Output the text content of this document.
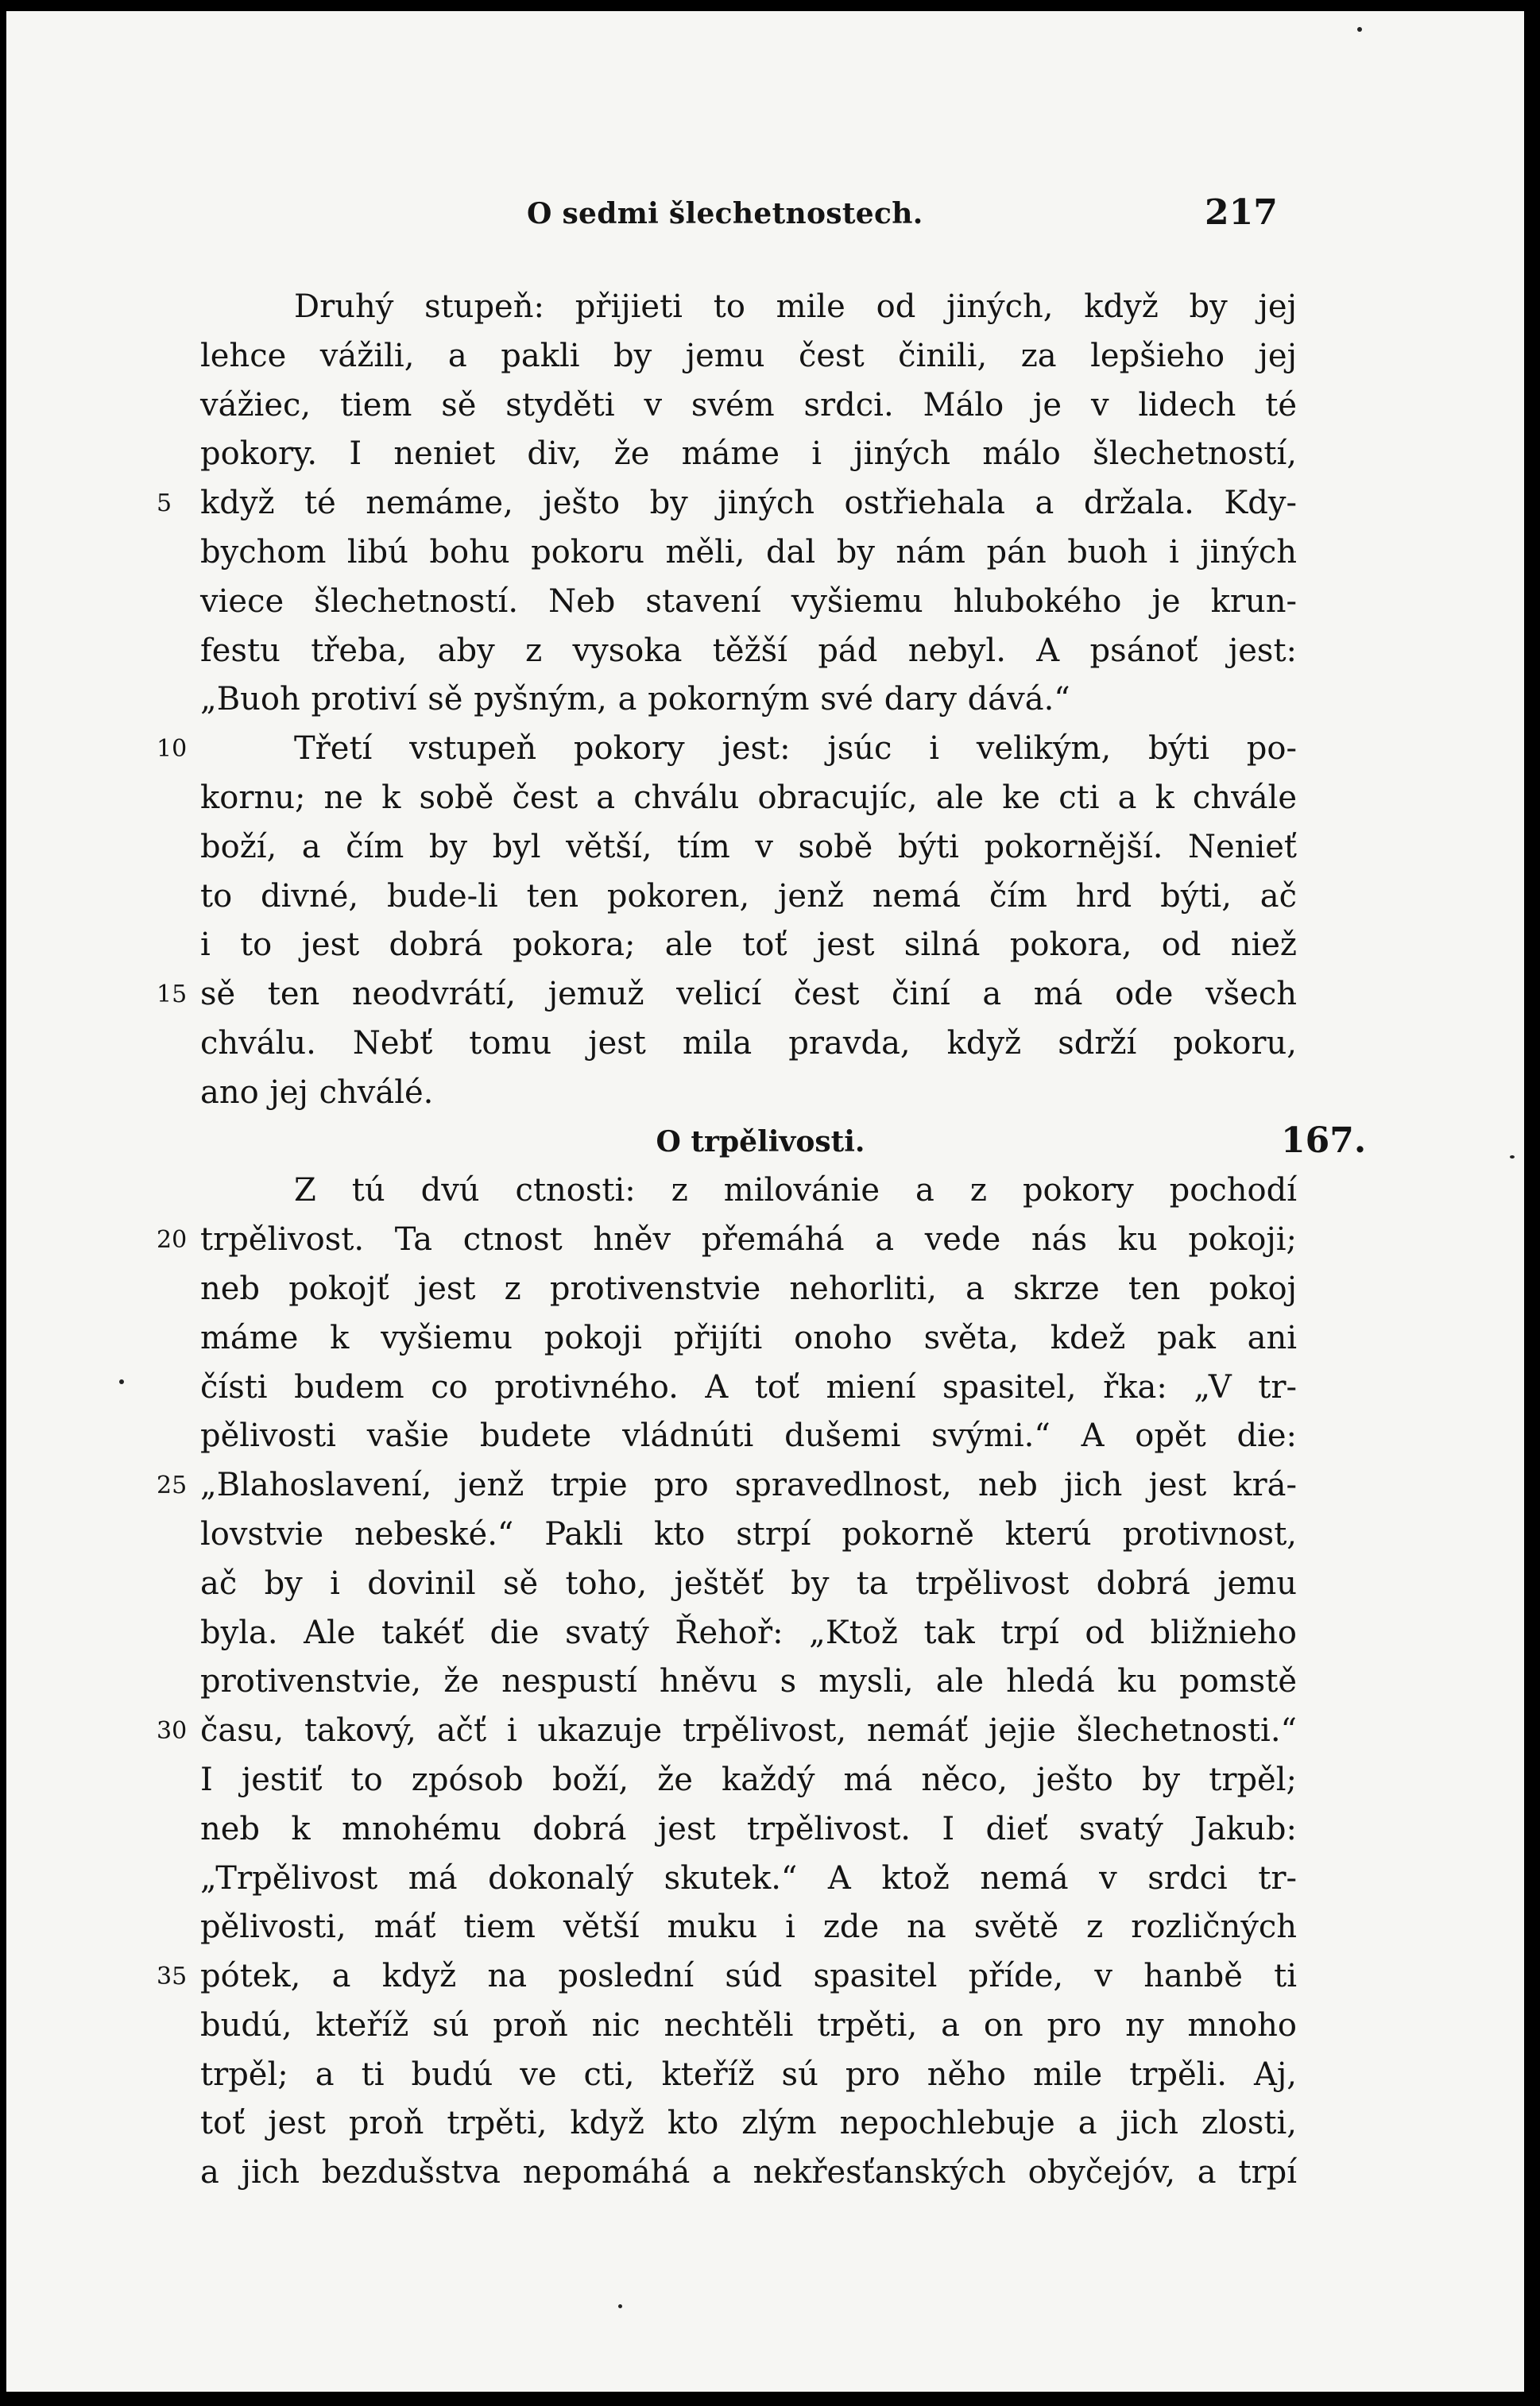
O sedmi šlechetnostech.	217
167.
Druhý stupeň: přijieti to mile od jiných, když by jej
lehce vážili, a pakli by jemu čest činili, za lepšieho jej
vážiec, tiem sě styděti v svém srdci. Málo je v lidech té
pokory. I neniet div, že máme i jiných málo šlechetností,
5 když té nemáme, ješto by jiných ostřiehala a držala. Kdy-
bychom libú bohu pokoru měli, dal by nám pán buoh i jiných
viece šlechetností. Neb stavení vyšiemu hlubokého je krun-
festu třeba, aby z vysoka těžší pád nebyl. A psánoť jest:
„Buoh protiví sě pyšným, a pokorným své dary dává.“
10	Třetí vstupeň pokory jest: jsúc i velikým, býti po-
kornu; ne k sobě čest a chválu obracujíc, ale ke cti a k chvále
boží, a čím by byl větší, tím v sobě býti pokornější. Nenieť
to divné, bude-li ten pokoren, jenž nemá čím hrd býti, ač
i to jest dobrá pokora; ale toť jest silná pokora, od niež
15 sě ten neodvrátí, jemuž velicí čest činí a má ode všech
chválu. Nebť tomu jest mila pravda, když sdrží pokoru,
ano jej chválé.
O trpělivosti.
Z tú dvú ctnosti: z milovánie a z pokory pochodí
20 trpělivost. Ta ctnost hněv přemáhá a vede nás ku pokoji;
neb pokojť jest z protivenstvie nehorliti, a skrze ten pokoj
máme k vyšiemu pokoji přijíti onoho světa, kdež pak ani
čísti budem co protivného. A toť miení spasitel, řka: „V tr-
pělivosti vašie budete vládnúti dušemi svými.“ A opět die:
25 „Blahoslavení, jenž trpie pro spravedlnost, neb jich jest krá-
lovstvie nebeské.“ Pakli kto strpí pokorně kterú protivnost,
ač by i dovinil sě toho, ještěť by ta trpělivost dobrá jemu
byla. Ale takéť die svatý Řehoř: „Ktož tak trpí od bližnieho
protivenstvie, že nespustí hněvu s mysli, ale hledá ku pomstě
30 času, takový, ačť i ukazuje trpělivost, nemáť jejie šlechetnosti.“
I jestiť to zpósob boží, že každý má něco, ješto by trpěl;
neb k mnohému dobrá jest trpělivost. I dieť svatý Jakub:
„Trpělivost má dokonalý skutek.“ A ktož nemá v srdci tr-
pělivosti, máť tiem větší muku i zde na světě z rozličných
35 pótek, a když na poslední súd spasitel příde, v hanbě ti
budú, kteříž sú proň nic nechtěli trpěti, a on pro ny mnoho
trpěl; a ti budú ve cti, kteříž sú pro něho mile trpěli. Aj,
toť jest proň trpěti, když kto zlým nepochlebuje a jich zlosti,
a jich bezdušstva nepomáhá a nekřesťanských obyčejóv, a trpí
